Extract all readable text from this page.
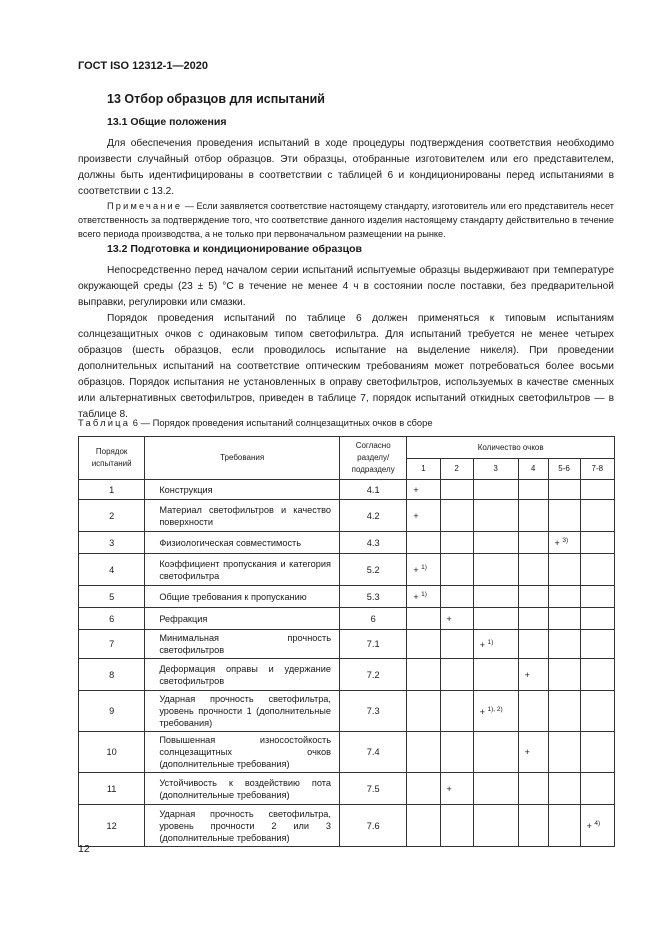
ГОСТ ISO 12312-1—2020
13 Отбор образцов для испытаний
13.1 Общие положения

Для обеспечения проведения испытаний в ходе процедуры подтверждения соответствия необходимо произвести случайный отбор образцов. Эти образцы, отобранные изготовителем или его представителем, должны быть идентифицированы в соответствии с таблицей 6 и кондиционированы перед испытаниями в соответствии с 13.2.

Примечание — Если заявляется соответствие настоящему стандарту, изготовитель или его представитель несет ответственность за подтверждение того, что соответствие данного изделия настоящему стандарту действительно в течение всего периода производства, а не только при первоначальном размещении на рынке.

13.2 Подготовка и кондиционирование образцов

Непосредственно перед началом серии испытаний испытуемые образцы выдерживают при температуре окружающей среды (23 ± 5) °C в течение не менее 4 ч в состоянии после поставки, без предварительной выправки, регулировки или смазки.

Порядок проведения испытаний по таблице 6 должен применяться к типовым испытаниям солнцезащитных очков с одинаковым типом светофильтра. Для испытаний требуется не менее четырех образцов (шесть образцов, если проводилось испытание на выделение никеля). При проведении дополнительных испытаний на соответствие оптическим требованиям может потребоваться более восьми образцов. Порядок испытания не установленных в оправу светофильтров, используемых в качестве сменных или альтернативных светофильтров, приведен в таблице 7, порядок испытаний откидных светофильтров — в таблице 8.

Таблица 6 — Порядок проведения испытаний солнцезащитных очков в сборе
Порядок испытаний	Требования	Согласно разделу/ подразделу	Количество очков					
			1	2	3	4	5-6	7-8
1	Конструкция	4.1	+					

2	Материал светофильтров и качество поверхности	4.2	+					

3	Физиологическая совместимость	4.3					+ $^{3)}$

4	Коэффициент пропускания и категория светофильтра	5.2	+ $^{1)}$

5	Общие требования к пропусканию	5.3	+ $^{1)}$

6	Рефракция	6		+				

7	Минимальная прочность светофильтров	7.1			+ $^{1)}$

8	Деформация оправы и удержание светофильтров	7.2				+		

9	Ударная прочность светофильтра, уровень прочности 1 (дополнительные требования)	7.3			+ $^{1), 2)}$

10	Повышенная износостойкость солнцезащитных очков (дополнительные требования)	7.4				+		

11	Устойчивость к воздействию пота (дополнительные требования)	7.5		+				

12	Ударная прочность светофильтра, уровень прочности 2 или 3 (дополнительные требования)	7.6						+ $^{4)}$
12
